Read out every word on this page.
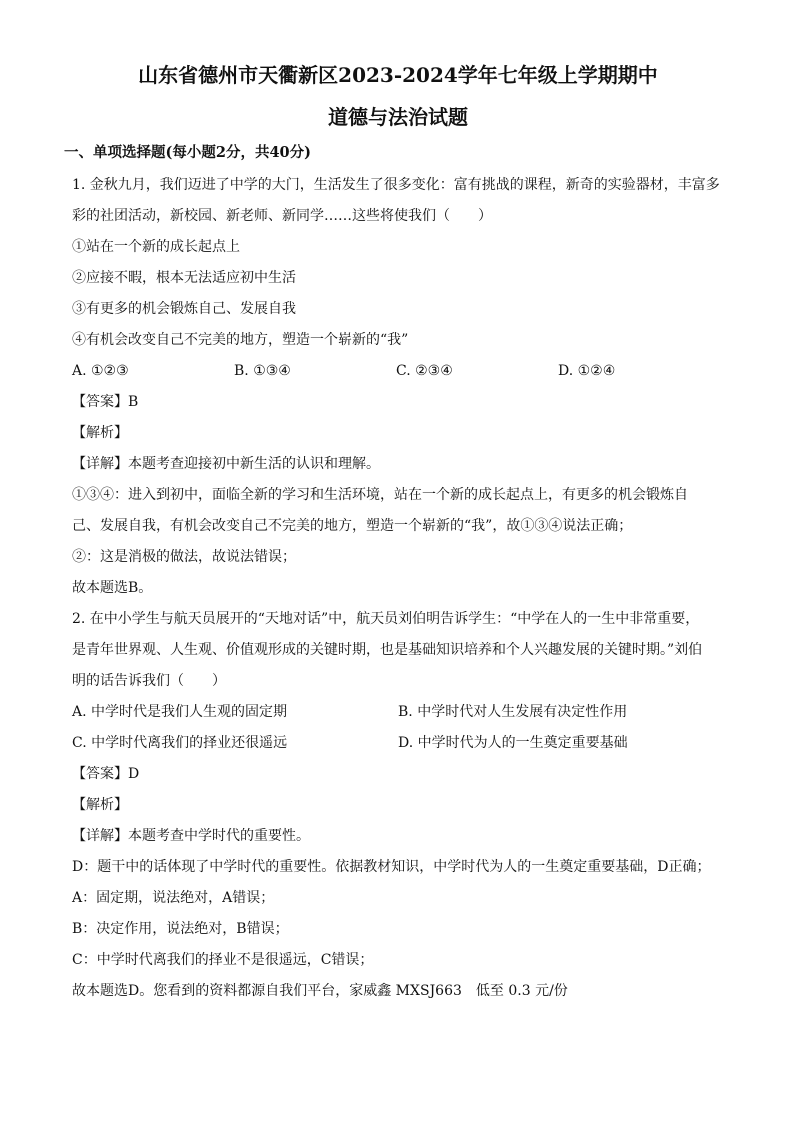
山东省德州市天衢新区2023-2024学年七年级上学期期中
道德与法治试题
一、单项选择题(每小题2分，共40分)

1. 金秋九月，我们迈进了中学的大门，生活发生了很多变化：富有挑战的课程，新奇的实验器材，丰富多

彩的社团活动，新校园、新老师、新同学……这些将使我们（　　）

①站在一个新的成长起点上

②应接不暇，根本无法适应初中生活

③有更多的机会锻炼自己、发展自我

④有机会改变自己不完美的地方，塑造一个崭新的“我”

A. ①②③	B. ①③④	C. ②③④	D. ①②④

【答案】B

【解析】

【详解】本题考查迎接初中新生活的认识和理解。

①③④：进入到初中，面临全新的学习和生活环境，站在一个新的成长起点上，有更多的机会锻炼自

己、发展自我，有机会改变自己不完美的地方，塑造一个崭新的“我”，故①③④说法正确；

②：这是消极的做法，故说法错误；

故本题选B。

2. 在中小学生与航天员展开的“天地对话”中，航天员刘伯明告诉学生：“中学在人的一生中非常重要，

是青年世界观、人生观、价值观形成的关键时期，也是基础知识培养和个人兴趣发展的关键时期。”刘伯

明的话告诉我们（　　）

A. 中学时代是我们人生观的固定期	B. 中学时代对人生发展有决定性作用
C. 中学时代离我们的择业还很遥远	D. 中学时代为人的一生奠定重要基础

【答案】D

【解析】

【详解】本题考查中学时代的重要性。

D：题干中的话体现了中学时代的重要性。依据教材知识，中学时代为人的一生奠定重要基础，D正确；

A：固定期，说法绝对，A错误；

B：决定作用，说法绝对，B错误；

C：中学时代离我们的择业不是很遥远，C错误；

故本题选D。您看到的资料都源自我们平台，家威鑫 MXSJ663　低至 0.3 元/份
